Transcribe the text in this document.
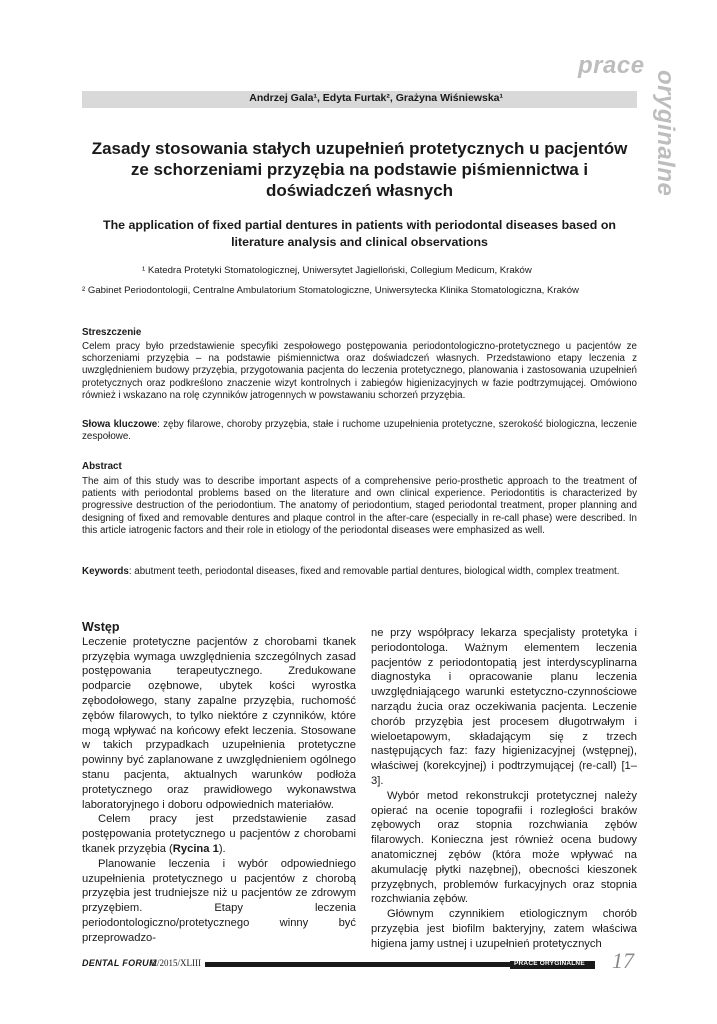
prace
oryginalne
Andrzej Gala¹, Edyta Furtak², Grażyna Wiśniewska¹
Zasady stosowania stałych uzupełnień protetycznych u pacjentów ze schorzeniami przyzębia na podstawie piśmiennictwa i doświadczeń własnych
The application of fixed partial dentures in patients with periodontal diseases based on literature analysis and clinical observations
¹ Katedra Protetyki Stomatologicznej, Uniwersytet Jagielloński, Collegium Medicum, Kraków
² Gabinet Periodontologii, Centralne Ambulatorium Stomatologiczne, Uniwersytecka Klinika Stomatologiczna, Kraków
Streszczenie
Celem pracy było przedstawienie specyfiki zespołowego postępowania periodontologiczno-protetycznego u pacjentów ze schorzeniami przyzębia – na podstawie piśmiennictwa oraz doświadczeń własnych. Przedstawiono etapy leczenia z uwzględnieniem budowy przyzębia, przygotowania pacjenta do leczenia protetycznego, planowania i zastosowania uzupełnień protetycznych oraz podkreślono znaczenie wizyt kontrolnych i zabiegów higienizacyjnych w fazie podtrzymującej. Omówiono również i wskazano na rolę czynników jatrogennych w powstawaniu schorzeń przyzębia.
Słowa kluczowe: zęby filarowe, choroby przyzębia, stałe i ruchome uzupełnienia protetyczne, szerokość biologiczna, leczenie zespołowe.
Abstract
The aim of this study was to describe important aspects of a comprehensive perio-prosthetic approach to the treatment of patients with periodontal problems based on the literature and own clinical experience. Periodontitis is characterized by progressive destruction of the periodontium. The anatomy of periodontium, staged periodontal treatment, proper planning and designing of fixed and removable dentures and plaque control in the after-care (especially in re-call phase) were described. In this article iatrogenic factors and their role in etiology of the periodontal diseases were emphasized as well.
Keywords: abutment teeth, periodontal diseases, fixed and removable partial dentures, biological width, complex treatment.

Wstęp

Leczenie protetyczne pacjentów z chorobami tkanek przyzębia wymaga uwzględnienia szczególnych zasad postępowania terapeutycznego. Zredukowane podparcie ozębnowe, ubytek kości wyrostka zębodołowego, stany zapalne przyzębia, ruchomość zębów filarowych, to tylko niektóre z czynników, które mogą wpływać na końcowy efekt leczenia. Stosowane w takich przypadkach uzupełnienia protetyczne powinny być zaplanowane z uwzględnieniem ogólnego stanu pacjenta, aktualnych warunków podłoża protetycznego oraz prawidłowego wykonawstwa laboratoryjnego i doboru odpowiednich materiałów.

Celem pracy jest przedstawienie zasad postępowania protetycznego u pacjentów z chorobami tkanek przyzębia (Rycina 1).

Planowanie leczenia i wybór odpowiedniego uzupełnienia protetycznego u pacjentów z chorobą przyzębia jest trudniejsze niż u pacjentów ze zdrowym przyzębiem. Etapy leczenia periodontologiczno/protetycznego winny być przeprowadzo-

ne przy współpracy lekarza specjalisty protetyka i periodontologa. Ważnym elementem leczenia pacjentów z periodontopatią jest interdyscyplinarna diagnostyka i opracowanie planu leczenia uwzględniającego warunki estetyczno-czynnościowe narządu żucia oraz oczekiwania pacjenta. Leczenie chorób przyzębia jest procesem długotrwałym i wieloetapowym, składającym się z trzech następujących faz: fazy higienizacyjnej (wstępnej), właściwej (korekcyjnej) i podtrzymującej (re-call) [1–3].

Wybór metod rekonstrukcji protetycznej należy opierać na ocenie topografii i rozległości braków zębowych oraz stopnia rozchwiania zębów filarowych. Konieczna jest również ocena budowy anatomicznej zębów (która może wpływać na akumulację płytki nazębnej), obecności kieszonek przyzębnych, problemów furkacyjnych oraz stopnia rozchwiania zębów.

Głównym czynnikiem etiologicznym chorób przyzębia jest biofilm bakteryjny, zatem właściwa higiena jamy ustnej i uzupełnień protetycznych

DENTAL FORUM
/2/2015/XLIII	PRACE ORYGINALNE 17
